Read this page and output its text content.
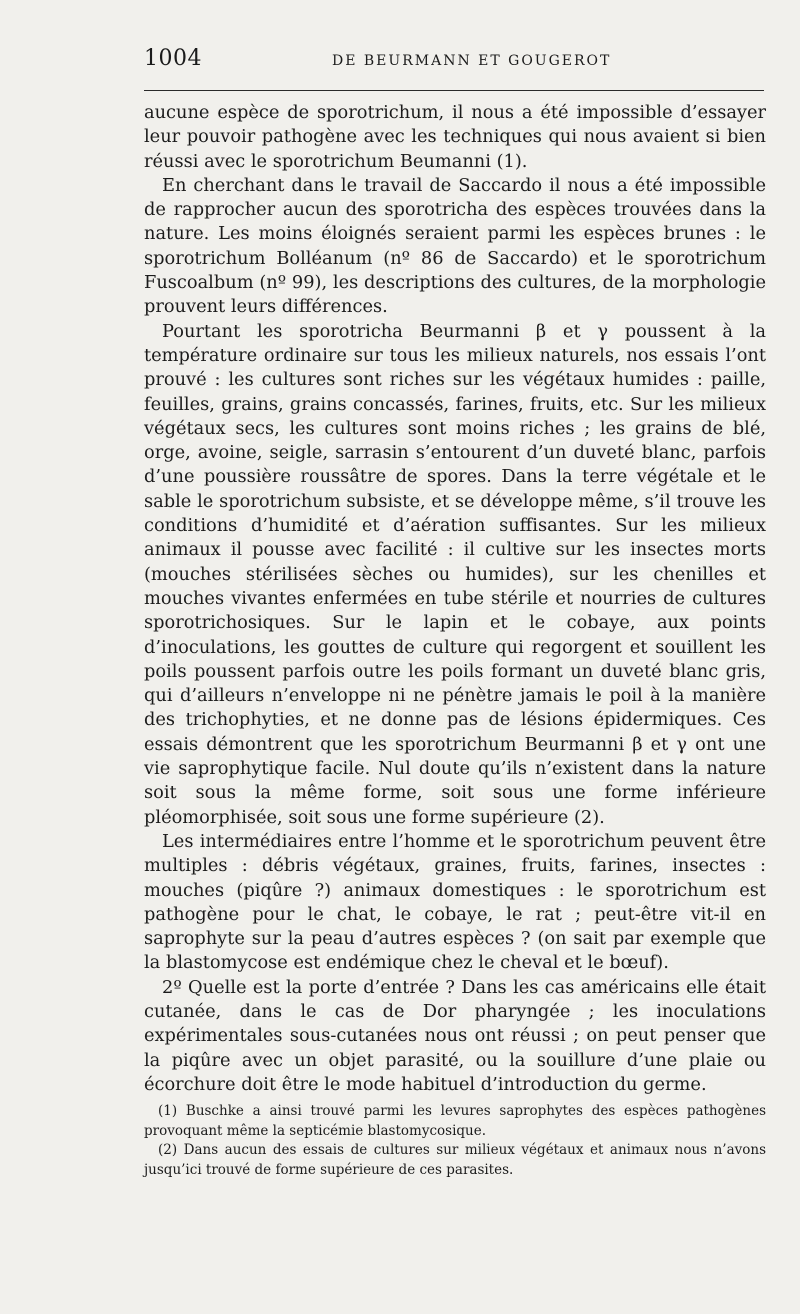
1004	DE BEURMANN ET GOUGEROT

aucune espèce de sporotrichum, il nous a été impossible d’essayer leur pouvoir pathogène avec les techniques qui nous avaient si bien réussi avec le sporotrichum Beumanni (1).

En cherchant dans le travail de Saccardo il nous a été impossible de rapprocher aucun des sporotricha des espèces trouvées dans la nature. Les moins éloignés seraient parmi les espèces brunes : le sporotrichum Bolléanum (nº 86 de Saccardo) et le sporotrichum Fuscoalbum (nº 99), les descriptions des cultures, de la morphologie prouvent leurs différences.

Pourtant les sporotricha Beurmanni β et γ poussent à la température ordinaire sur tous les milieux naturels, nos essais l’ont prouvé : les cultures sont riches sur les végétaux humides : paille, feuilles, grains, grains concassés, farines, fruits, etc. Sur les milieux végétaux secs, les cultures sont moins riches ; les grains de blé, orge, avoine, seigle, sarrasin s’entourent d’un duveté blanc, parfois d’une poussière roussâtre de spores. Dans la terre végétale et le sable le sporotrichum subsiste, et se développe même, s’il trouve les conditions d’humidité et d’aération suffisantes. Sur les milieux animaux il pousse avec facilité : il cultive sur les insectes morts (mouches stérilisées sèches ou humides), sur les chenilles et mouches vivantes enfermées en tube stérile et nourries de cultures sporotrichosiques. Sur le lapin et le cobaye, aux points d’inoculations, les gouttes de culture qui regorgent et souillent les poils poussent parfois outre les poils formant un duveté blanc gris, qui d’ailleurs n’enveloppe ni ne pénètre jamais le poil à la manière des trichophyties, et ne donne pas de lésions épidermiques. Ces essais démontrent que les sporotrichum Beurmanni β et γ ont une vie saprophytique facile. Nul doute qu’ils n’existent dans la nature soit sous la même forme, soit sous une forme inférieure pléomorphisée, soit sous une forme supérieure (2).

Les intermédiaires entre l’homme et le sporotrichum peuvent être multiples : débris végétaux, graines, fruits, farines, insectes : mouches (piqûre ?) animaux domestiques : le sporotrichum est pathogène pour le chat, le cobaye, le rat ; peut-être vit-il en saprophyte sur la peau d’autres espèces ? (on sait par exemple que la blastomycose est endémique chez le cheval et le bœuf).

2º Quelle est la porte d’entrée ? Dans les cas américains elle était cutanée, dans le cas de Dor pharyngée ; les inoculations expérimentales sous-cutanées nous ont réussi ; on peut penser que la piqûre avec un objet parasité, ou la souillure d’une plaie ou écorchure doit être le mode habituel d’introduction du germe.

(1) Buschke a ainsi trouvé parmi les levures saprophytes des espèces pathogènes provoquant même la septicémie blastomycosique.

(2) Dans aucun des essais de cultures sur milieux végétaux et animaux nous n’avons jusqu’ici trouvé de forme supérieure de ces parasites.
